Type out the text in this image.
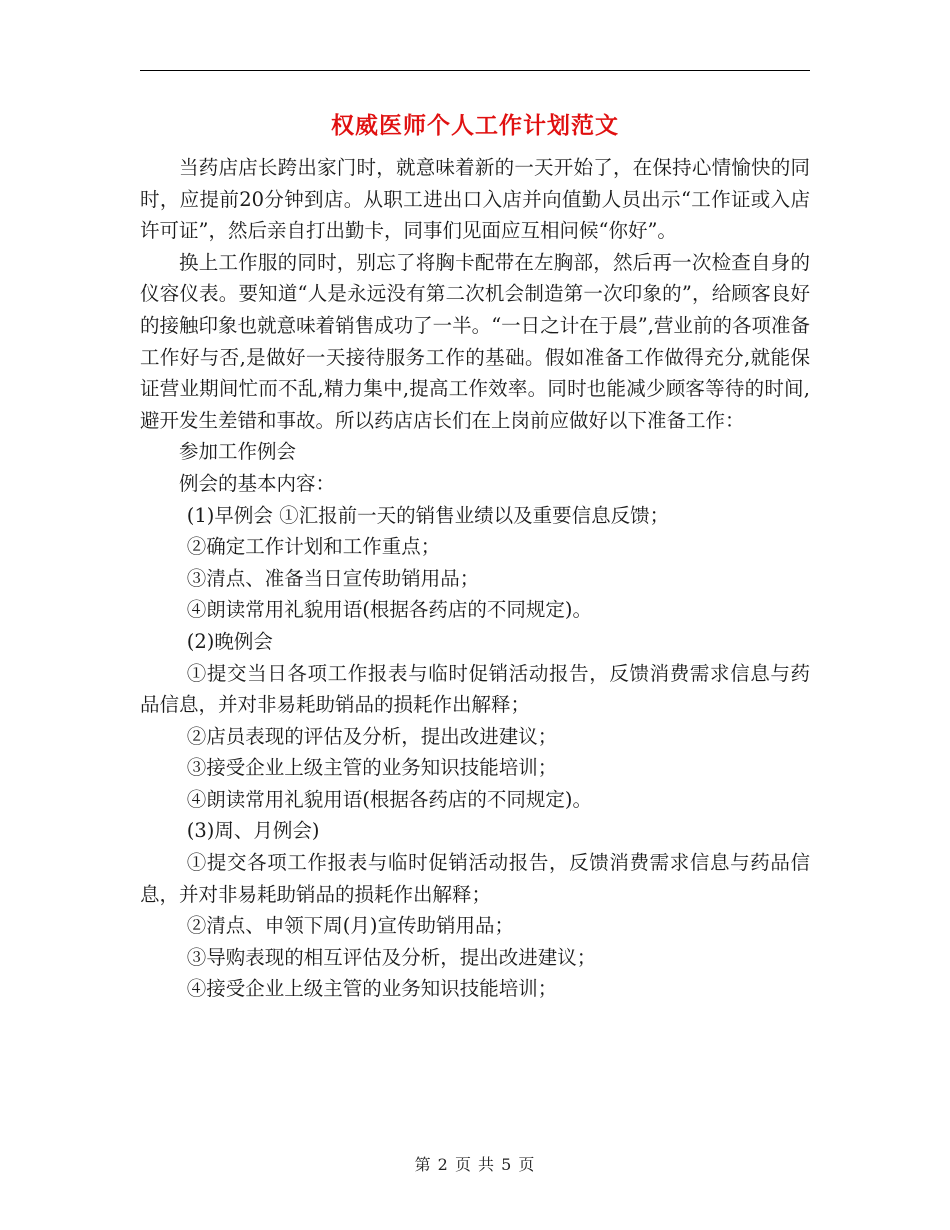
权威医师个人工作计划范文

当药店店长跨出家门时，就意味着新的一天开始了，在保持心情愉快的同时，应提前20分钟到店。从职工进出口入店并向值勤人员出示“工作证或入店许可证”，然后亲自打出勤卡，同事们见面应互相问候“你好”。

换上工作服的同时，别忘了将胸卡配带在左胸部，然后再一次检查自身的仪容仪表。要知道“人是永远没有第二次机会制造第一次印象的”，给顾客良好的接触印象也就意味着销售成功了一半。“一日之计在于晨”,营业前的各项准备工作好与否,是做好一天接待服务工作的基础。假如准备工作做得充分,就能保证营业期间忙而不乱,精力集中,提高工作效率。同时也能减少顾客等待的时间,避开发生差错和事故。所以药店店长们在上岗前应做好以下准备工作：

参加工作例会

例会的基本内容：

(1)早例会 ①汇报前一天的销售业绩以及重要信息反馈；

②确定工作计划和工作重点；

③清点、准备当日宣传助销用品；

④朗读常用礼貌用语(根据各药店的不同规定)。

(2)晚例会

①提交当日各项工作报表与临时促销活动报告，反馈消费需求信息与药品信息，并对非易耗助销品的损耗作出解释；

②店员表现的评估及分析，提出改进建议；

③接受企业上级主管的业务知识技能培训；

④朗读常用礼貌用语(根据各药店的不同规定)。

(3)周、月例会)

①提交各项工作报表与临时促销活动报告，反馈消费需求信息与药品信息，并对非易耗助销品的损耗作出解释；

②清点、申领下周(月)宣传助销用品；

③导购表现的相互评估及分析，提出改进建议；

④接受企业上级主管的业务知识技能培训；

第 2 页 共 5 页
